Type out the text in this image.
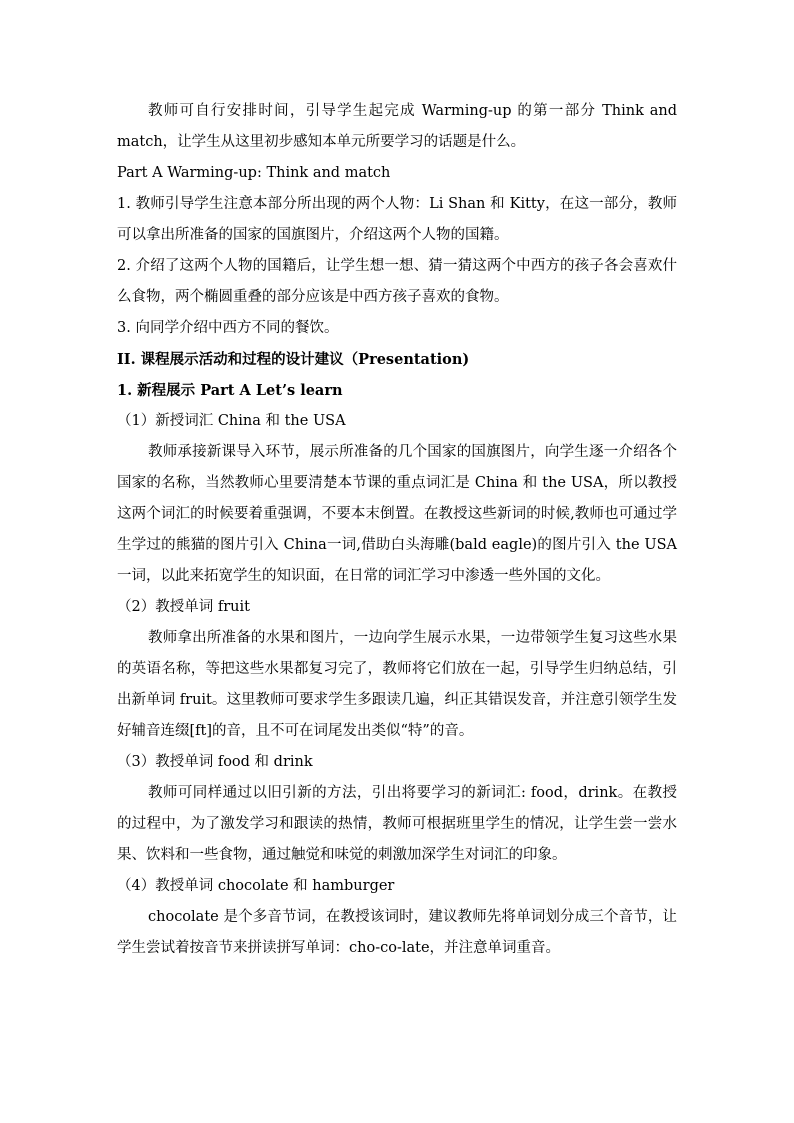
教师可自行安排时间，引导学生起完成 Warming-up 的第一部分 Think and match，让学生从这里初步感知本单元所要学习的话题是什么。

Part A Warming-up: Think and match

1. 教师引导学生注意本部分所出现的两个人物：Li Shan 和 Kitty，在这一部分，教师可以拿出所准备的国家的国旗图片，介绍这两个人物的国籍。

2. 介绍了这两个人物的国籍后，让学生想一想、猜一猜这两个中西方的孩子各会喜欢什么食物，两个椭圆重叠的部分应该是中西方孩子喜欢的食物。

3. 向同学介绍中西方不同的餐饮。

II. 课程展示活动和过程的设计建议（Presentation)

1. 新程展示 Part A Let’s learn

（1）新授词汇 China 和 the USA

教师承接新课导入环节，展示所准备的几个国家的国旗图片，向学生逐一介绍各个国家的名称，当然教师心里要清楚本节课的重点词汇是 China 和 the USA，所以教授这两个词汇的时候要着重强调，不要本末倒置。在教授这些新词的时候,教师也可通过学生学过的熊猫的图片引入 China一词,借助白头海雕(bald eagle)的图片引入 the USA一词，以此来拓宽学生的知识面，在日常的词汇学习中渗透一些外国的文化。

（2）教授单词 fruit

教师拿出所准备的水果和图片，一边向学生展示水果，一边带领学生复习这些水果的英语名称，等把这些水果都复习完了，教师将它们放在一起，引导学生归纳总结，引出新单词 fruit。这里教师可要求学生多跟读几遍，纠正其错误发音，并注意引领学生发好辅音连缀[ft]的音，且不可在词尾发出类似“特”的音。

（3）教授单词 food 和 drink

教师可同样通过以旧引新的方法，引出将要学习的新词汇: food，drink。在教授的过程中，为了激发学习和跟读的热情，教师可根据班里学生的情况，让学生尝一尝水果、饮料和一些食物，通过触觉和味觉的刺激加深学生对词汇的印象。

（4）教授单词 chocolate 和 hamburger

chocolate 是个多音节词，在教授该词时，建议教师先将单词划分成三个音节，让学生尝试着按音节来拼读拼写单词：cho-co-late，并注意单词重音。
